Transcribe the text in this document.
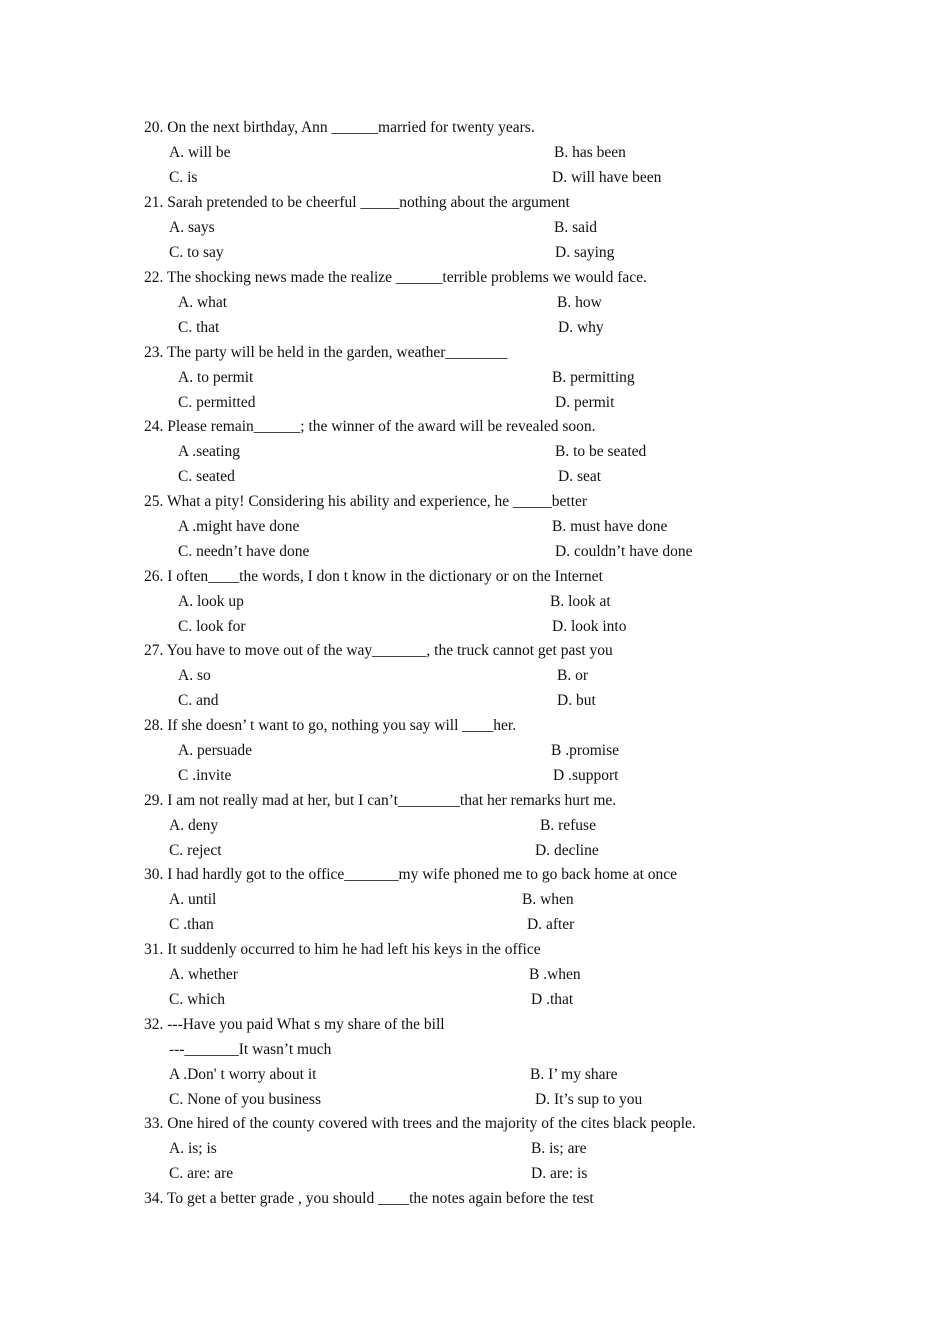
20. On the next birthday, Ann ______married for twenty years.
A. will be	B. has been
C. is	D. will have been
21. Sarah pretended to be cheerful _____nothing about the argument
A. says	B. said
C. to say	D. saying
22. The shocking news made the realize ______terrible problems we would face.
A. what	B. how
C. that	D. why
23. The party will be held in the garden, weather________
A. to permit	B. permitting
C. permitted	D. permit
24. Please remain______; the winner of the award will be revealed soon.
A .seating	B. to be seated
C. seated	D. seat
25. What a pity! Considering his ability and experience, he _____better
A .might have done	B. must have done
C. needn’t have done	D. couldn’t have done
26. I often____the words, I don t know in the dictionary or on the Internet
A. look up	B. look at
C. look for	D. look into
27. You have to move out of the way_______, the truck cannot get past you
A. so	B. or
C. and	D. but
28. If she doesn’ t want to go, nothing you say will ____her.
A. persuade	B .promise
C .invite	D .support
29. I am not really mad at her, but I can’t________that her remarks hurt me.
A. deny	B. refuse
C. reject	D. decline
30. I had hardly got to the office_______my wife phoned me to go back home at once
A. until	B. when
C .than	D. after
31. It suddenly occurred to him he had left his keys in the office
A. whether	B .when
C. which	D .that
32. ---Have you paid What s my share of the bill
---_______It wasn’t much
A .Don' t worry about it	B. I’ my share
C. None of you business	D. It’s sup to you
33. One hired of the county covered with trees and the majority of the cites black people.
A. is; is	B. is; are
C. are: are	D. are: is
34. To get a better grade , you should ____the notes again before the test
